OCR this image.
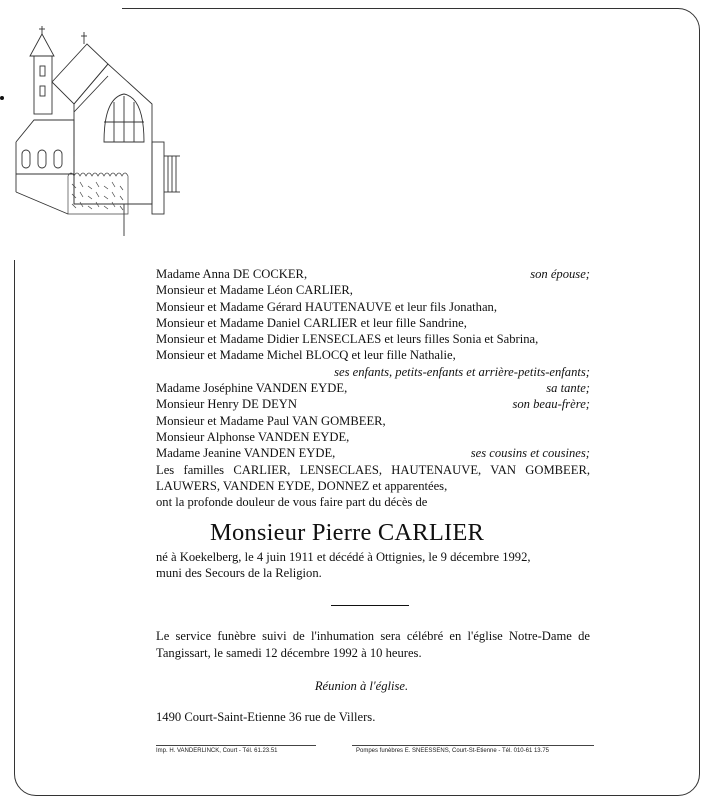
Madame Anna DE COCKER,	son épouse;
Monsieur et Madame Léon CARLIER,
Monsieur et Madame Gérard HAUTENAUVE et leur fils Jonathan,
Monsieur et Madame Daniel CARLIER et leur fille Sandrine,
Monsieur et Madame Didier LENSECLAES et leurs filles Sonia et Sabrina,
Monsieur et Madame Michel BLOCQ et leur fille Nathalie,
ses enfants, petits-enfants et arrière-petits-enfants;
Madame Joséphine VANDEN EYDE,	sa tante;
Monsieur Henry DE DEYN	son beau-frère;
Monsieur et Madame Paul VAN GOMBEER,
Monsieur Alphonse VANDEN EYDE,
Madame Jeanine VANDEN EYDE,	ses cousins et cousines;
Les familles CARLIER, LENSECLAES, HAUTENAUVE, VAN GOMBEER, LAUWERS, VANDEN EYDE, DONNEZ et apparentées,
ont la profonde douleur de vous faire part du décès de
Monsieur Pierre CARLIER
né à Koekelberg, le 4 juin 1911 et décédé à Ottignies, le 9 décembre 1992,
muni des Secours de la Religion.
Le service funèbre suivi de l'inhumation sera célébré en l'église Notre-Dame de Tangissart, le samedi 12 décembre 1992 à 10 heures.
Réunion à l'église.
1490 Court-Saint-Etienne 36 rue de Villers.
Imp. H. VANDERLINCK, Court - Tél. 61.23.51	Pompes funèbres E. SNEESSENS, Court-St-Etienne - Tél. 010-61 13.75
